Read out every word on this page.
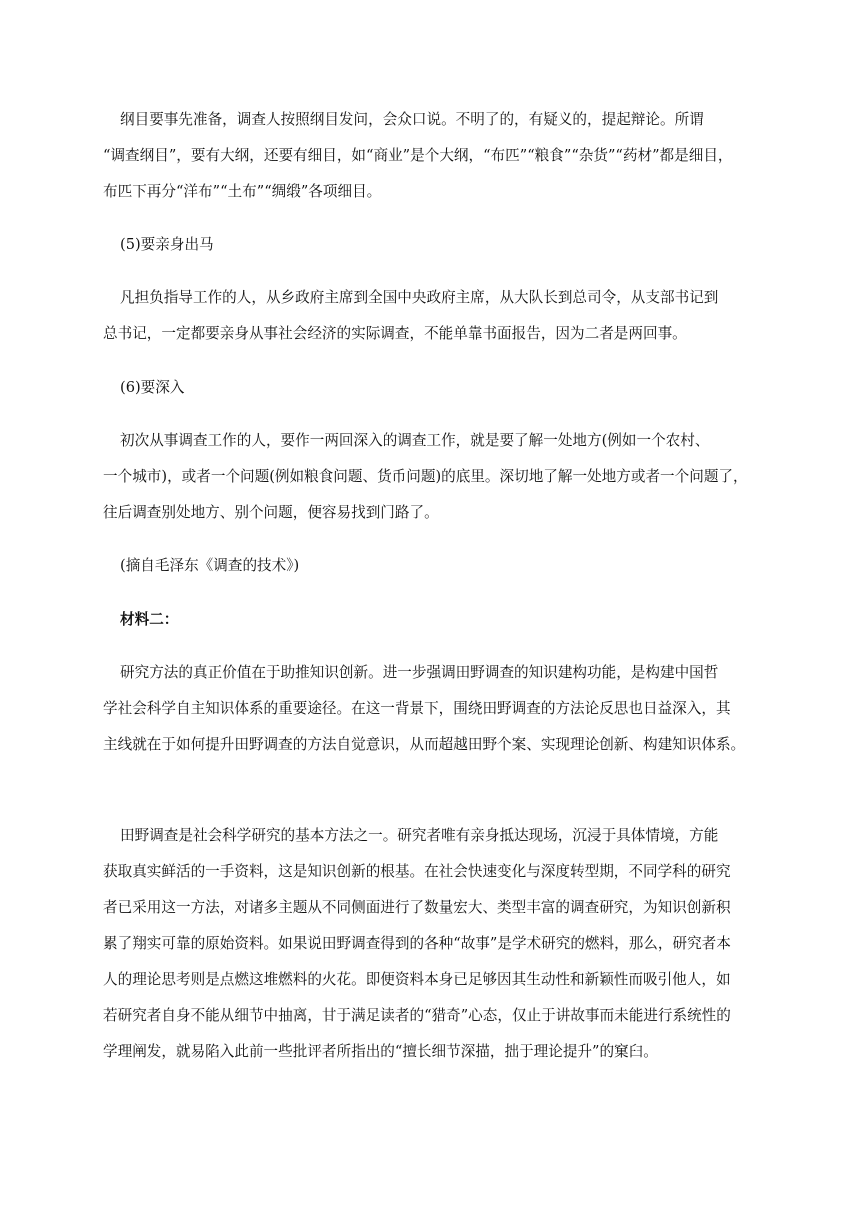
纲目要事先准备，调查人按照纲目发问，会众口说。不明了的，有疑义的，提起辩论。所谓

“调查纲目”，要有大纲，还要有细目，如“商业”是个大纲，“布匹”“粮食”“杂货”“药材”都是细目，

布匹下再分“洋布”“土布”“绸缎”各项细目。

(5)要亲身出马

凡担负指导工作的人，从乡政府主席到全国中央政府主席，从大队长到总司令，从支部书记到

总书记，一定都要亲身从事社会经济的实际调查，不能单靠书面报告，因为二者是两回事。

(6)要深入

初次从事调查工作的人，要作一两回深入的调查工作，就是要了解一处地方(例如一个农村、

一个城市)，或者一个问题(例如粮食问题、货币问题)的底里。深切地了解一处地方或者一个问题了，

往后调查别处地方、别个问题，便容易找到门路了。

(摘自毛泽东《调查的技术》)

材料二：

研究方法的真正价值在于助推知识创新。进一步强调田野调查的知识建构功能，是构建中国哲

学社会科学自主知识体系的重要途径。在这一背景下，围绕田野调查的方法论反思也日益深入，其

主线就在于如何提升田野调查的方法自觉意识，从而超越田野个案、实现理论创新、构建知识体系。

田野调查是社会科学研究的基本方法之一。研究者唯有亲身抵达现场，沉浸于具体情境，方能

获取真实鲜活的一手资料，这是知识创新的根基。在社会快速变化与深度转型期，不同学科的研究

者已采用这一方法，对诸多主题从不同侧面进行了数量宏大、类型丰富的调查研究，为知识创新积

累了翔实可靠的原始资料。如果说田野调查得到的各种“故事”是学术研究的燃料，那么，研究者本

人的理论思考则是点燃这堆燃料的火花。即便资料本身已足够因其生动性和新颖性而吸引他人，如

若研究者自身不能从细节中抽离，甘于满足读者的“猎奇”心态，仅止于讲故事而未能进行系统性的

学理阐发，就易陷入此前一些批评者所指出的“擅长细节深描，拙于理论提升”的窠臼。
